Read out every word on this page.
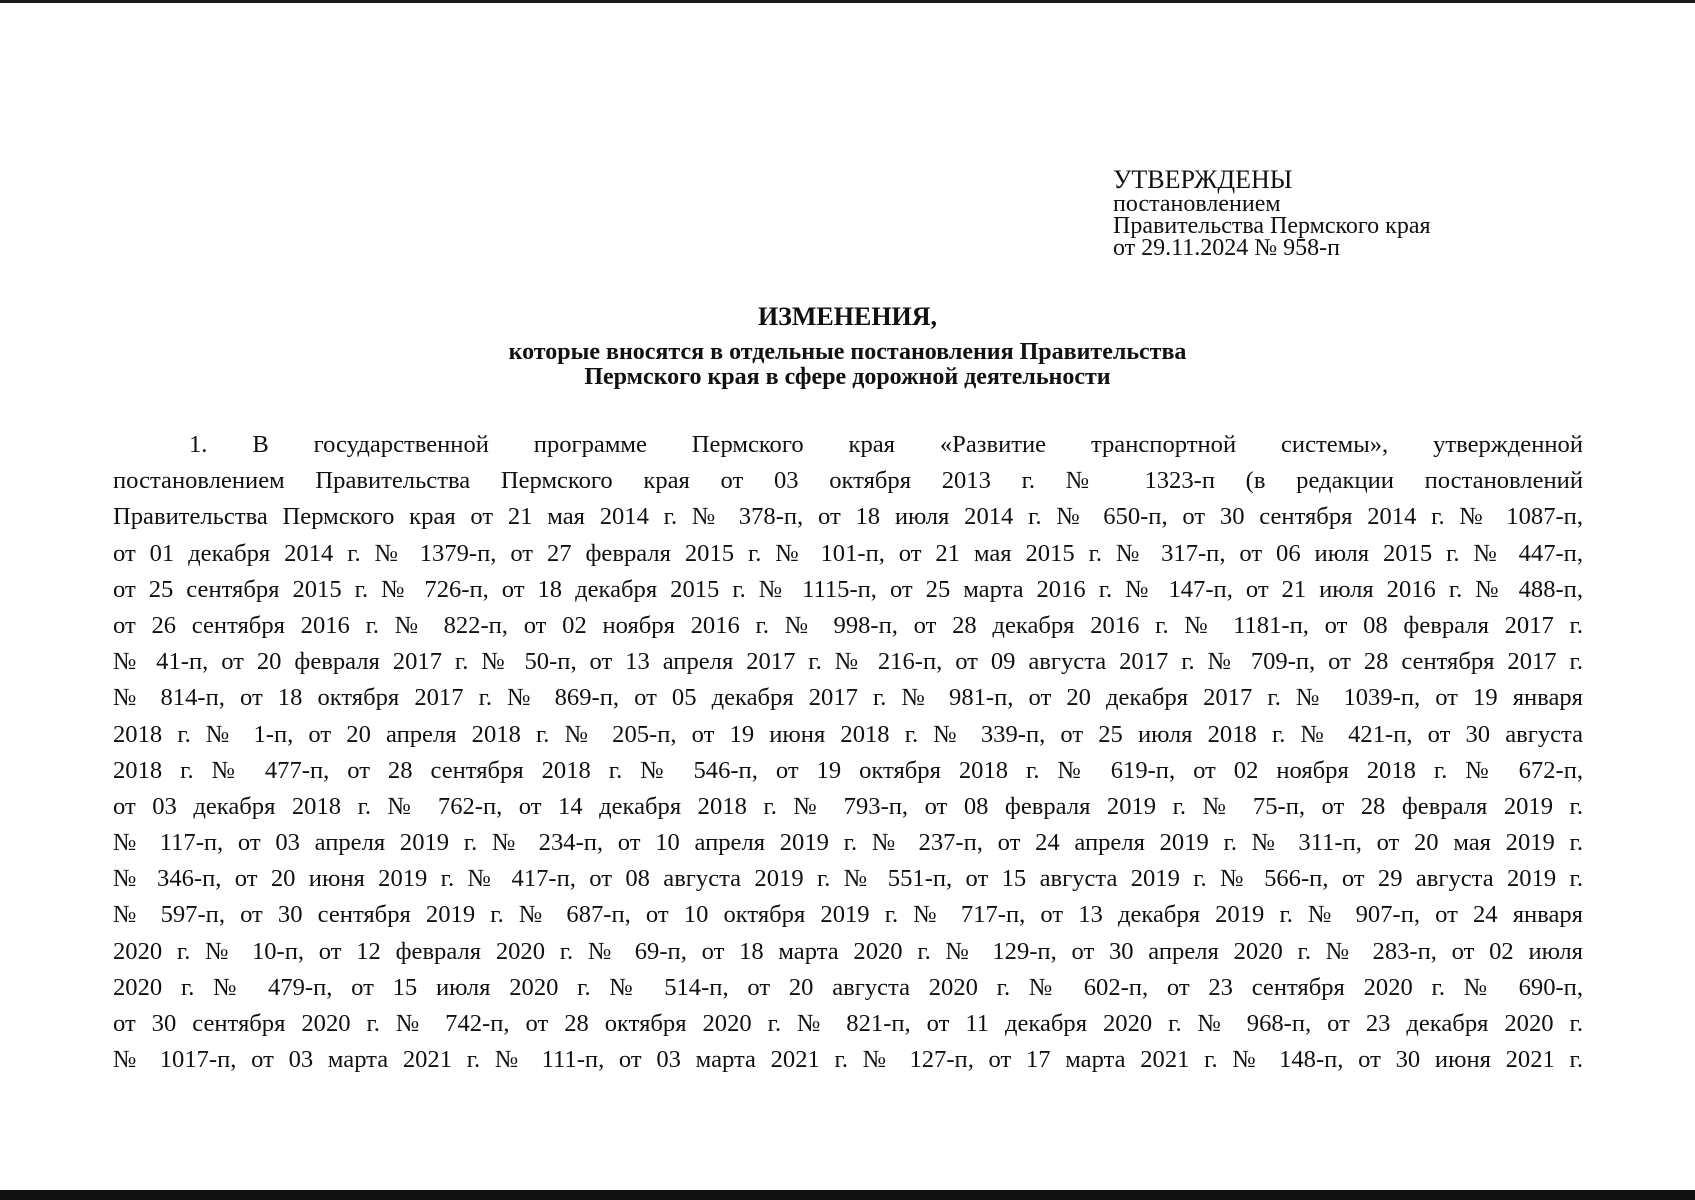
УТВЕРЖДЕНЫ
постановлением
Правительства Пермского края
от 29.11.2024 № 958-п
ИЗМЕНЕНИЯ,
которые вносятся в отдельные постановления Правительства
Пермского края в сфере дорожной деятельности
1. В государственной программе Пермского края «Развитие транспортной системы», утвержденной
постановлением Правительства Пермского края от 03 октября 2013 г. № 1323-п (в редакции постановлений
Правительства Пермского края от 21 мая 2014 г. № 378-п, от 18 июля 2014 г. № 650-п, от 30 сентября 2014 г. № 1087-п,
от 01 декабря 2014 г. № 1379-п, от 27 февраля 2015 г. № 101-п, от 21 мая 2015 г. № 317-п, от 06 июля 2015 г. № 447-п,
от 25 сентября 2015 г. № 726-п, от 18 декабря 2015 г. № 1115-п, от 25 марта 2016 г. № 147-п, от 21 июля 2016 г. № 488-п,
от 26 сентября 2016 г. № 822-п, от 02 ноября 2016 г. № 998-п, от 28 декабря 2016 г. № 1181-п, от 08 февраля 2017 г.
№ 41-п, от 20 февраля 2017 г. № 50-п, от 13 апреля 2017 г. № 216-п, от 09 августа 2017 г. № 709-п, от 28 сентября 2017 г.
№ 814-п, от 18 октября 2017 г. № 869-п, от 05 декабря 2017 г. № 981-п, от 20 декабря 2017 г. № 1039-п, от 19 января
2018 г. № 1-п, от 20 апреля 2018 г. № 205-п, от 19 июня 2018 г. № 339-п, от 25 июля 2018 г. № 421-п, от 30 августа
2018 г. № 477-п, от 28 сентября 2018 г. № 546-п, от 19 октября 2018 г. № 619-п, от 02 ноября 2018 г. № 672-п,
от 03 декабря 2018 г. № 762-п, от 14 декабря 2018 г. № 793-п, от 08 февраля 2019 г. № 75-п, от 28 февраля 2019 г.
№ 117-п, от 03 апреля 2019 г. № 234-п, от 10 апреля 2019 г. № 237-п, от 24 апреля 2019 г. № 311-п, от 20 мая 2019 г.
№ 346-п, от 20 июня 2019 г. № 417-п, от 08 августа 2019 г. № 551-п, от 15 августа 2019 г. № 566-п, от 29 августа 2019 г.
№ 597-п, от 30 сентября 2019 г. № 687-п, от 10 октября 2019 г. № 717-п, от 13 декабря 2019 г. № 907-п, от 24 января
2020 г. № 10-п, от 12 февраля 2020 г. № 69-п, от 18 марта 2020 г. № 129-п, от 30 апреля 2020 г. № 283-п, от 02 июля
2020 г. № 479-п, от 15 июля 2020 г. № 514-п, от 20 августа 2020 г. № 602-п, от 23 сентября 2020 г. № 690-п,
от 30 сентября 2020 г. № 742-п, от 28 октября 2020 г. № 821-п, от 11 декабря 2020 г. № 968-п, от 23 декабря 2020 г.
№ 1017-п, от 03 марта 2021 г. № 111-п, от 03 марта 2021 г. № 127-п, от 17 марта 2021 г. № 148-п, от 30 июня 2021 г.
